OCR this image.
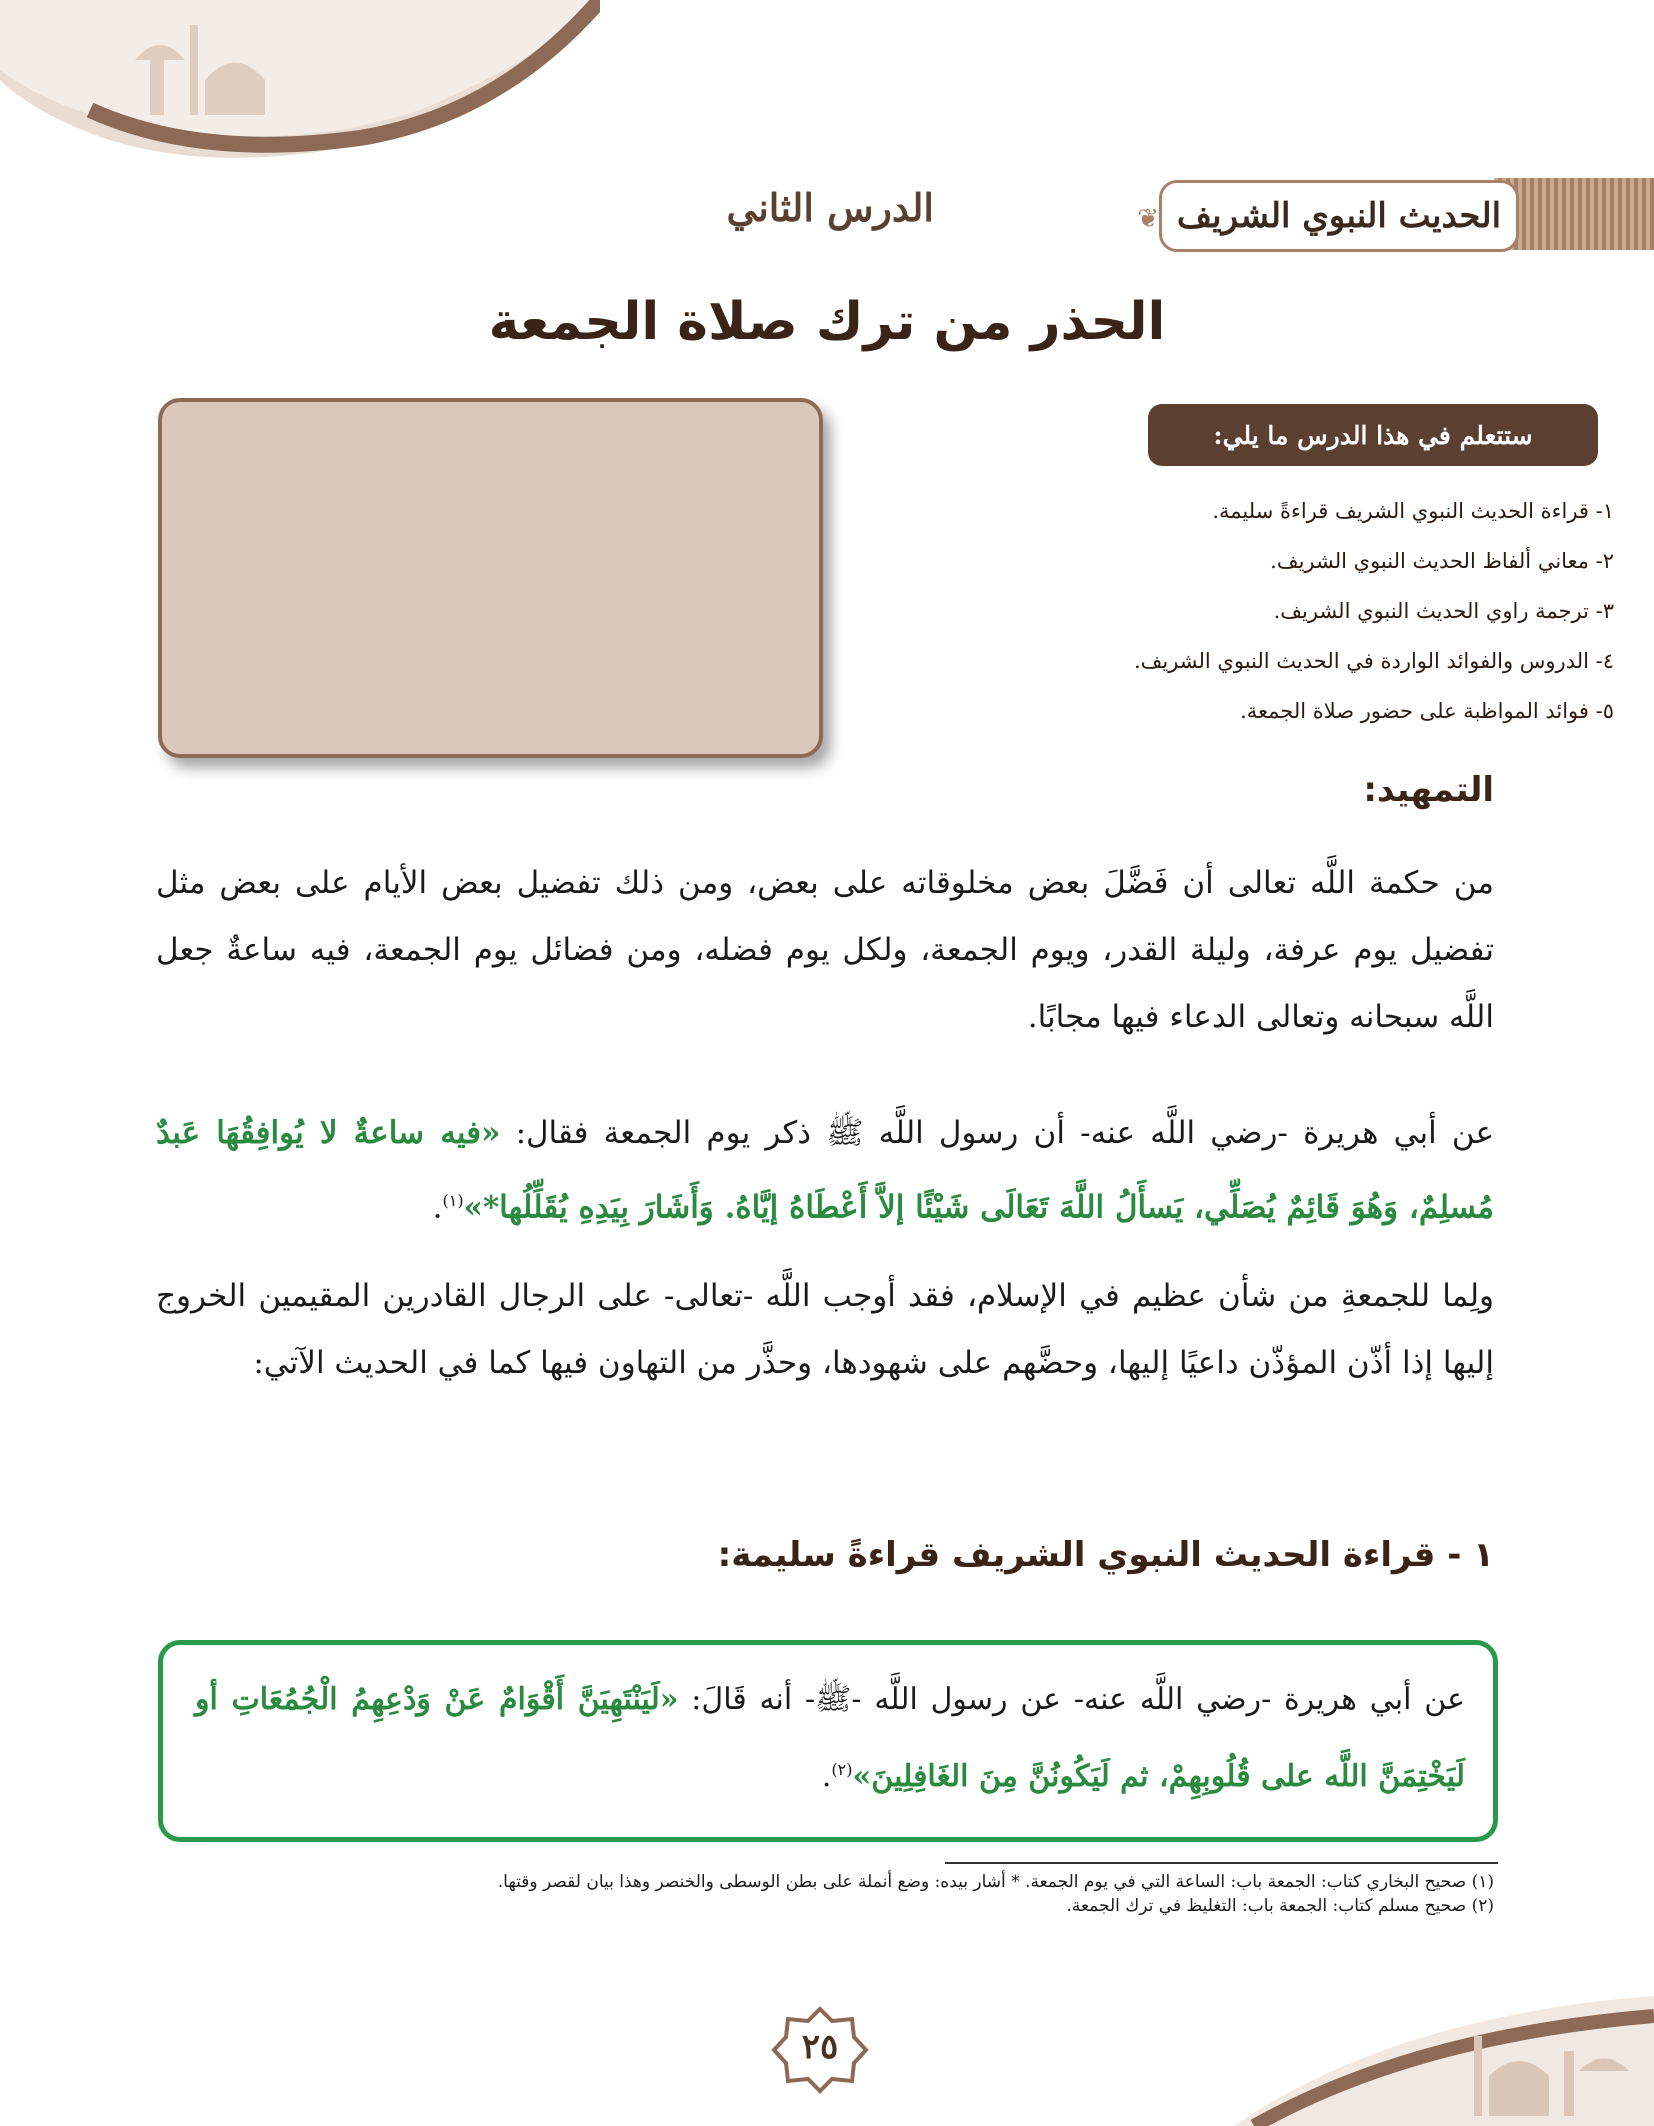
الحديث النبوي الشريف
❦
الدرس الثاني
الحذر من ترك صلاة الجمعة
ستتعلم في هذا الدرس ما يلي:
١- قراءة الحديث النبوي الشريف قراءةً سليمة.
٢- معاني ألفاظ الحديث النبوي الشريف.
٣- ترجمة راوي الحديث النبوي الشريف.
٤- الدروس والفوائد الواردة في الحديث النبوي الشريف.
٥- فوائد المواظبة على حضور صلاة الجمعة.
التمهيد:
من حكمة اللَّه تعالى أن فَضَّلَ بعض مخلوقاته على بعض، ومن ذلك تفضيل بعض الأيام على بعض مثل تفضيل يوم عرفة، وليلة القدر، ويوم الجمعة، ولكل يوم فضله، ومن فضائل يوم الجمعة، فيه ساعةٌ جعل اللَّه سبحانه وتعالى الدعاء فيها مجابًا.
عن أبي هريرة -رضي اللَّه عنه- أن رسول اللَّه ﷺ ذكر يوم الجمعة فقال: «فيه ساعةٌ لا يُوافِقُهَا عَبدٌ مُسلِمٌ، وَهُوَ قَائِمٌ يُصَلِّي، يَسأَلُ اللَّهَ تَعَالَى شَيْئًا إلاَّ أَعْطَاهُ إيَّاهُ. وَأَشَارَ بِيَدِهِ يُقَلِّلُها*»$^{(١)}$.
ولِما للجمعةِ من شأن عظيم في الإسلام، فقد أوجب اللَّه -تعالى- على الرجال القادرين المقيمين الخروج إليها إذا أذّن المؤذّن داعيًا إليها، وحضَّهم على شهودها، وحذَّر من التهاون فيها كما في الحديث الآتي:
١ - قراءة الحديث النبوي الشريف قراءةً سليمة:
عن أبي هريرة -رضي اللَّه عنه- عن رسول اللَّه -ﷺ- أنه قَالَ: «لَيَنْتَهِيَنَّ أَقْوَامٌ عَنْ وَدْعِهِمُ الْجُمُعَاتِ أو لَيَخْتِمَنَّ اللَّه على قُلُوبِهِمْ، ثم لَيَكُونُنَّ مِنَ الغَافِلِينَ»$^{(٢)}$.
(١) صحيح البخاري كتاب: الجمعة باب: الساعة التي في يوم الجمعة. * أشار بيده: وضع أنملة على بطن الوسطى والخنصر وهذا بيان لقصر وقتها.
(٢) صحيح مسلم كتاب: الجمعة باب: التغليظ في ترك الجمعة.
٢٥
